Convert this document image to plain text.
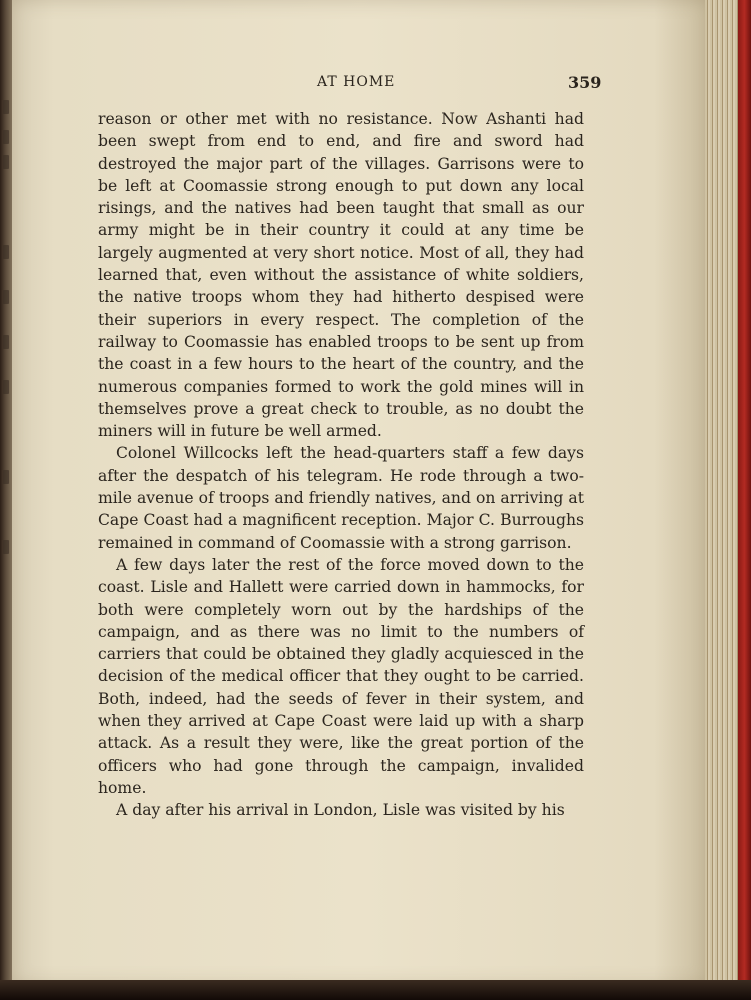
AT HOME	359

reason or other met with no resistance. Now Ashanti had been swept from end to end, and fire and sword had destroyed the major part of the villages. Garrisons were to be left at Coomassie strong enough to put down any local risings, and the natives had been taught that small as our army might be in their country it could at any time be largely augmented at very short notice. Most of all, they had learned that, even without the assistance of white soldiers, the native troops whom they had hitherto despised were their superiors in every respect. The completion of the railway to Coomassie has enabled troops to be sent up from the coast in a few hours to the heart of the country, and the numerous companies formed to work the gold mines will in themselves prove a great check to trouble, as no doubt the miners will in future be well armed.

Colonel Willcocks left the head-quarters staff a few days after the despatch of his telegram. He rode through a two-mile avenue of troops and friendly natives, and on arriving at Cape Coast had a magnificent reception. Major C. Burroughs remained in command of Coomassie with a strong garrison.

A few days later the rest of the force moved down to the coast. Lisle and Hallett were carried down in hammocks, for both were completely worn out by the hardships of the campaign, and as there was no limit to the numbers of carriers that could be obtained they gladly acquiesced in the decision of the medical officer that they ought to be carried. Both, indeed, had the seeds of fever in their system, and when they arrived at Cape Coast were laid up with a sharp attack. As a result they were, like the great portion of the officers who had gone through the campaign, invalided home.

A day after his arrival in London, Lisle was visited by his
